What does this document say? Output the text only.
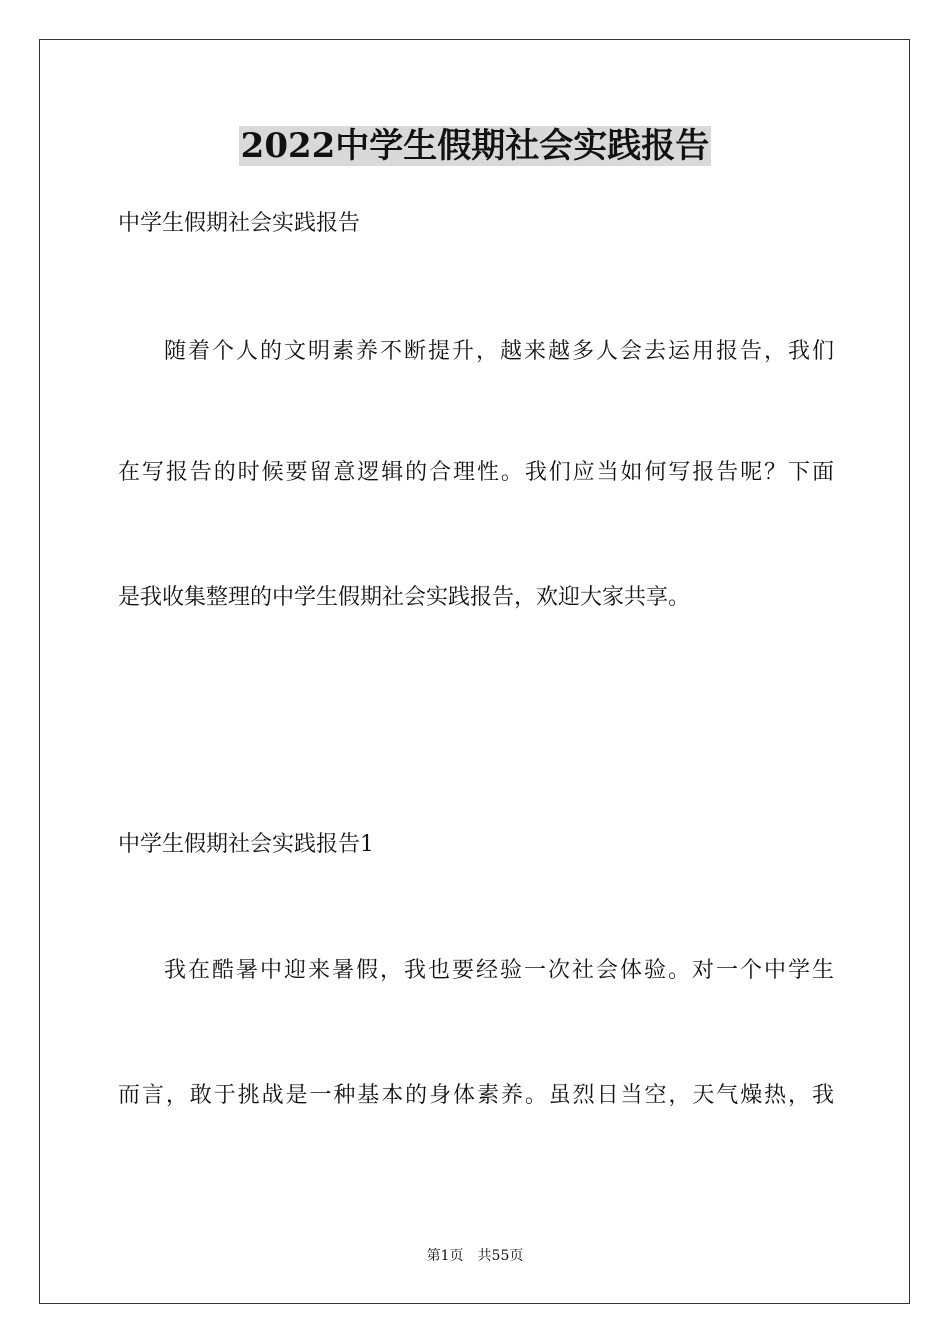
2022中学生假期社会实践报告
中学生假期社会实践报告
随着个人的文明素养不断提升，越来越多人会去运用报告，我们
在写报告的时候要留意逻辑的合理性。我们应当如何写报告呢？下面
是我收集整理的中学生假期社会实践报告，欢迎大家共享。
中学生假期社会实践报告1
我在酷暑中迎来暑假，我也要经验一次社会体验。对一个中学生
而言，敢于挑战是一种基本的身体素养。虽烈日当空，天气燥热，我
第1页 共55页
